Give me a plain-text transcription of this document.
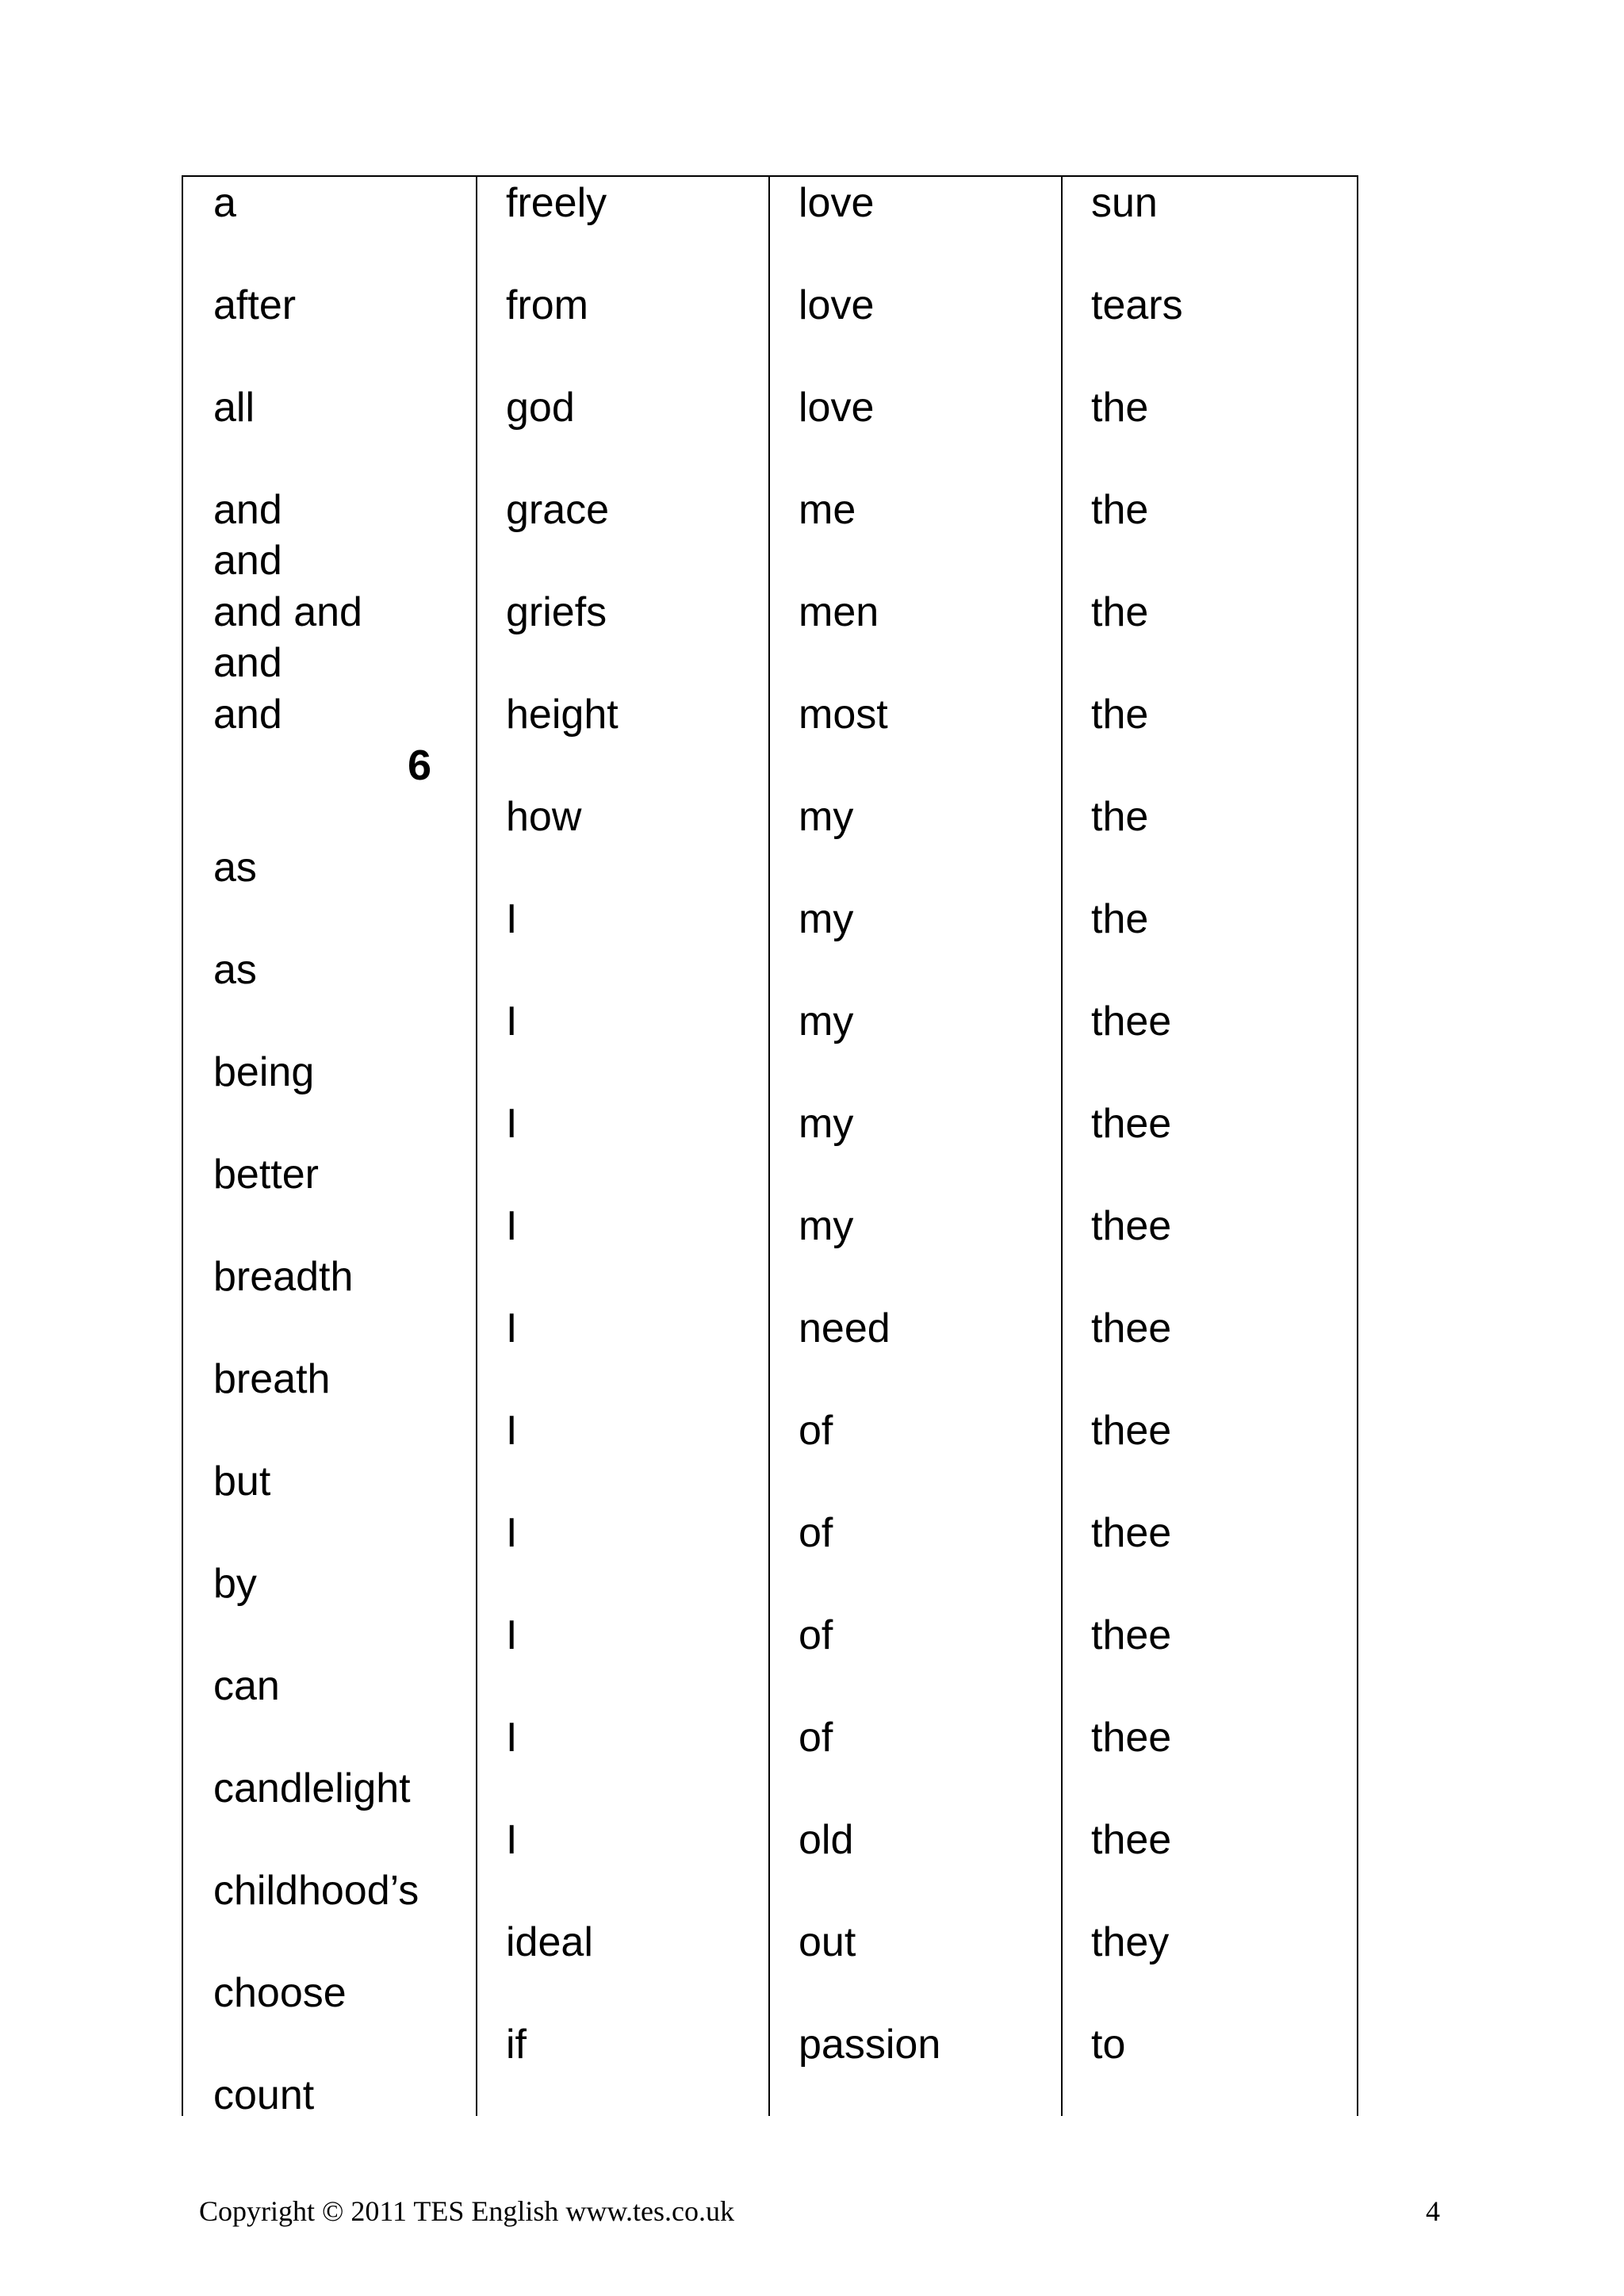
a
after
all
and
and
and and
and
and
as
as
being
better
breadth
breath
but
by
can
candlelight
childhood’s
choose
count
freely
from
god
grace
griefs
height
how
I
I
I
I
I
I
I
I
I
I
ideal
if
love
love
love
me
men
most
my
my
my
my
my
need
of
of
of
of
old
out
passion
sun
tears
the
the
the
the
the
the
thee
thee
thee
thee
thee
thee
thee
thee
thee
they
to
6
Copyright © 2011 TES English www.tes.co.uk	4
